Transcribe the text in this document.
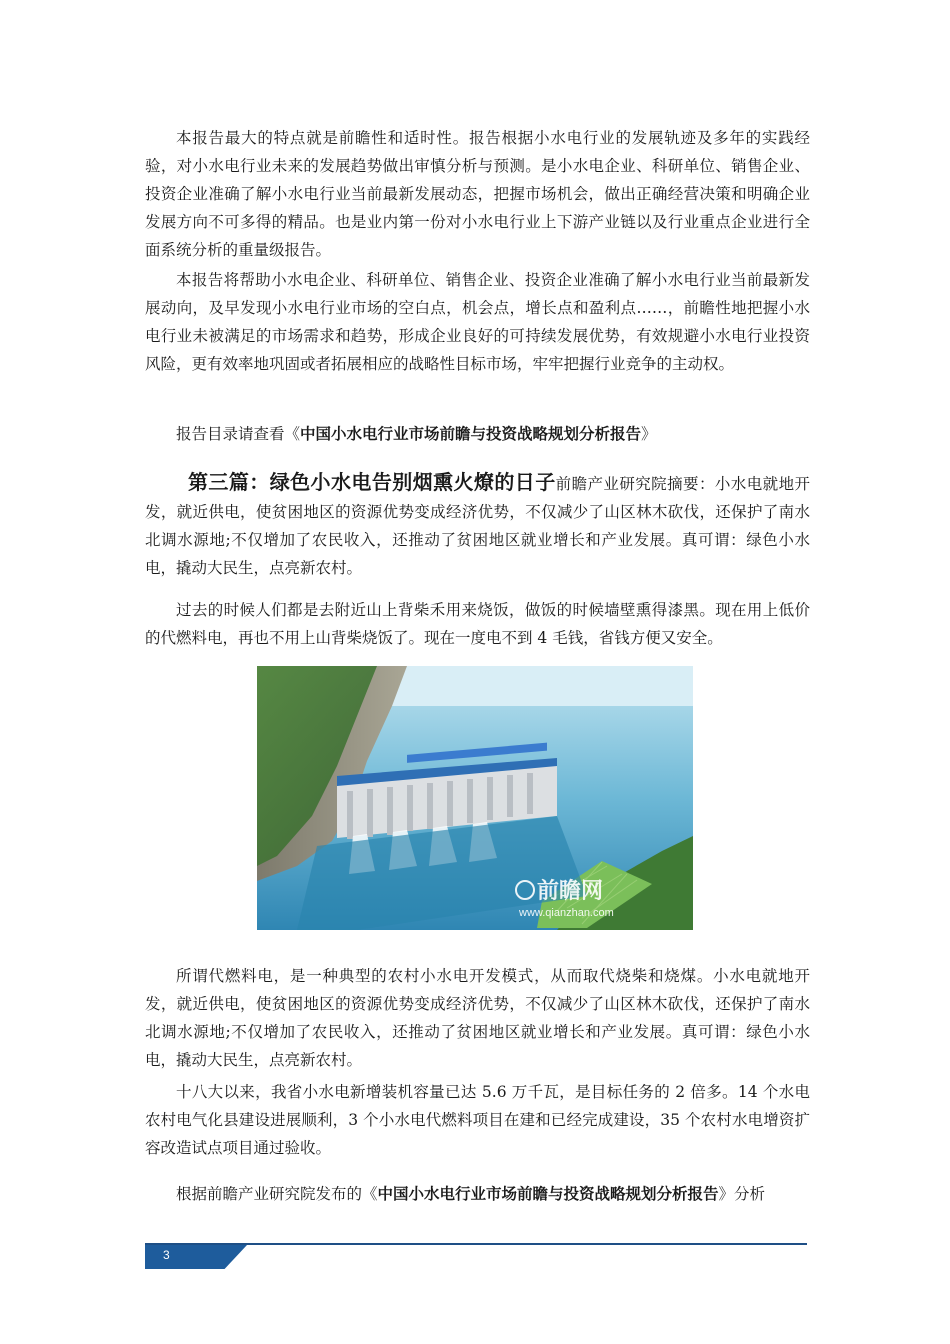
本报告最大的特点就是前瞻性和适时性。报告根据小水电行业的发展轨迹及多年的实践经验，对小水电行业未来的发展趋势做出审慎分析与预测。是小水电企业、科研单位、销售企业、投资企业准确了解小水电行业当前最新发展动态，把握市场机会，做出正确经营决策和明确企业发展方向不可多得的精品。也是业内第一份对小水电行业上下游产业链以及行业重点企业进行全面系统分析的重量级报告。

本报告将帮助小水电企业、科研单位、销售企业、投资企业准确了解小水电行业当前最新发展动向，及早发现小水电行业市场的空白点，机会点，增长点和盈利点……，前瞻性地把握小水电行业未被满足的市场需求和趋势，形成企业良好的可持续发展优势，有效规避小水电行业投资风险，更有效率地巩固或者拓展相应的战略性目标市场，牢牢把握行业竞争的主动权。

报告目录请查看《中国小水电行业市场前瞻与投资战略规划分析报告》

第三篇：绿色小水电告别烟熏火燎的日子前瞻产业研究院摘要：小水电就地开发，就近供电，使贫困地区的资源优势变成经济优势，不仅减少了山区林木砍伐，还保护了南水北调水源地;不仅增加了农民收入，还推动了贫困地区就业增长和产业发展。真可谓：绿色小水电，撬动大民生，点亮新农村。

过去的时候人们都是去附近山上背柴禾用来烧饭，做饭的时候墙壁熏得漆黑。现在用上低价的代燃料电，再也不用上山背柴烧饭了。现在一度电不到 4 毛钱，省钱方便又安全。

前瞻网
www.qianzhan.com

所谓代燃料电，是一种典型的农村小水电开发模式，从而取代烧柴和烧煤。小水电就地开发，就近供电，使贫困地区的资源优势变成经济优势，不仅减少了山区林木砍伐，还保护了南水北调水源地;不仅增加了农民收入，还推动了贫困地区就业增长和产业发展。真可谓：绿色小水电，撬动大民生，点亮新农村。

十八大以来，我省小水电新增装机容量已达 5.6 万千瓦，是目标任务的 2 倍多。14 个水电农村电气化县建设进展顺利，3 个小水电代燃料项目在建和已经完成建设，35 个农村水电增资扩容改造试点项目通过验收。

根据前瞻产业研究院发布的《中国小水电行业市场前瞻与投资战略规划分析报告》分析

3
